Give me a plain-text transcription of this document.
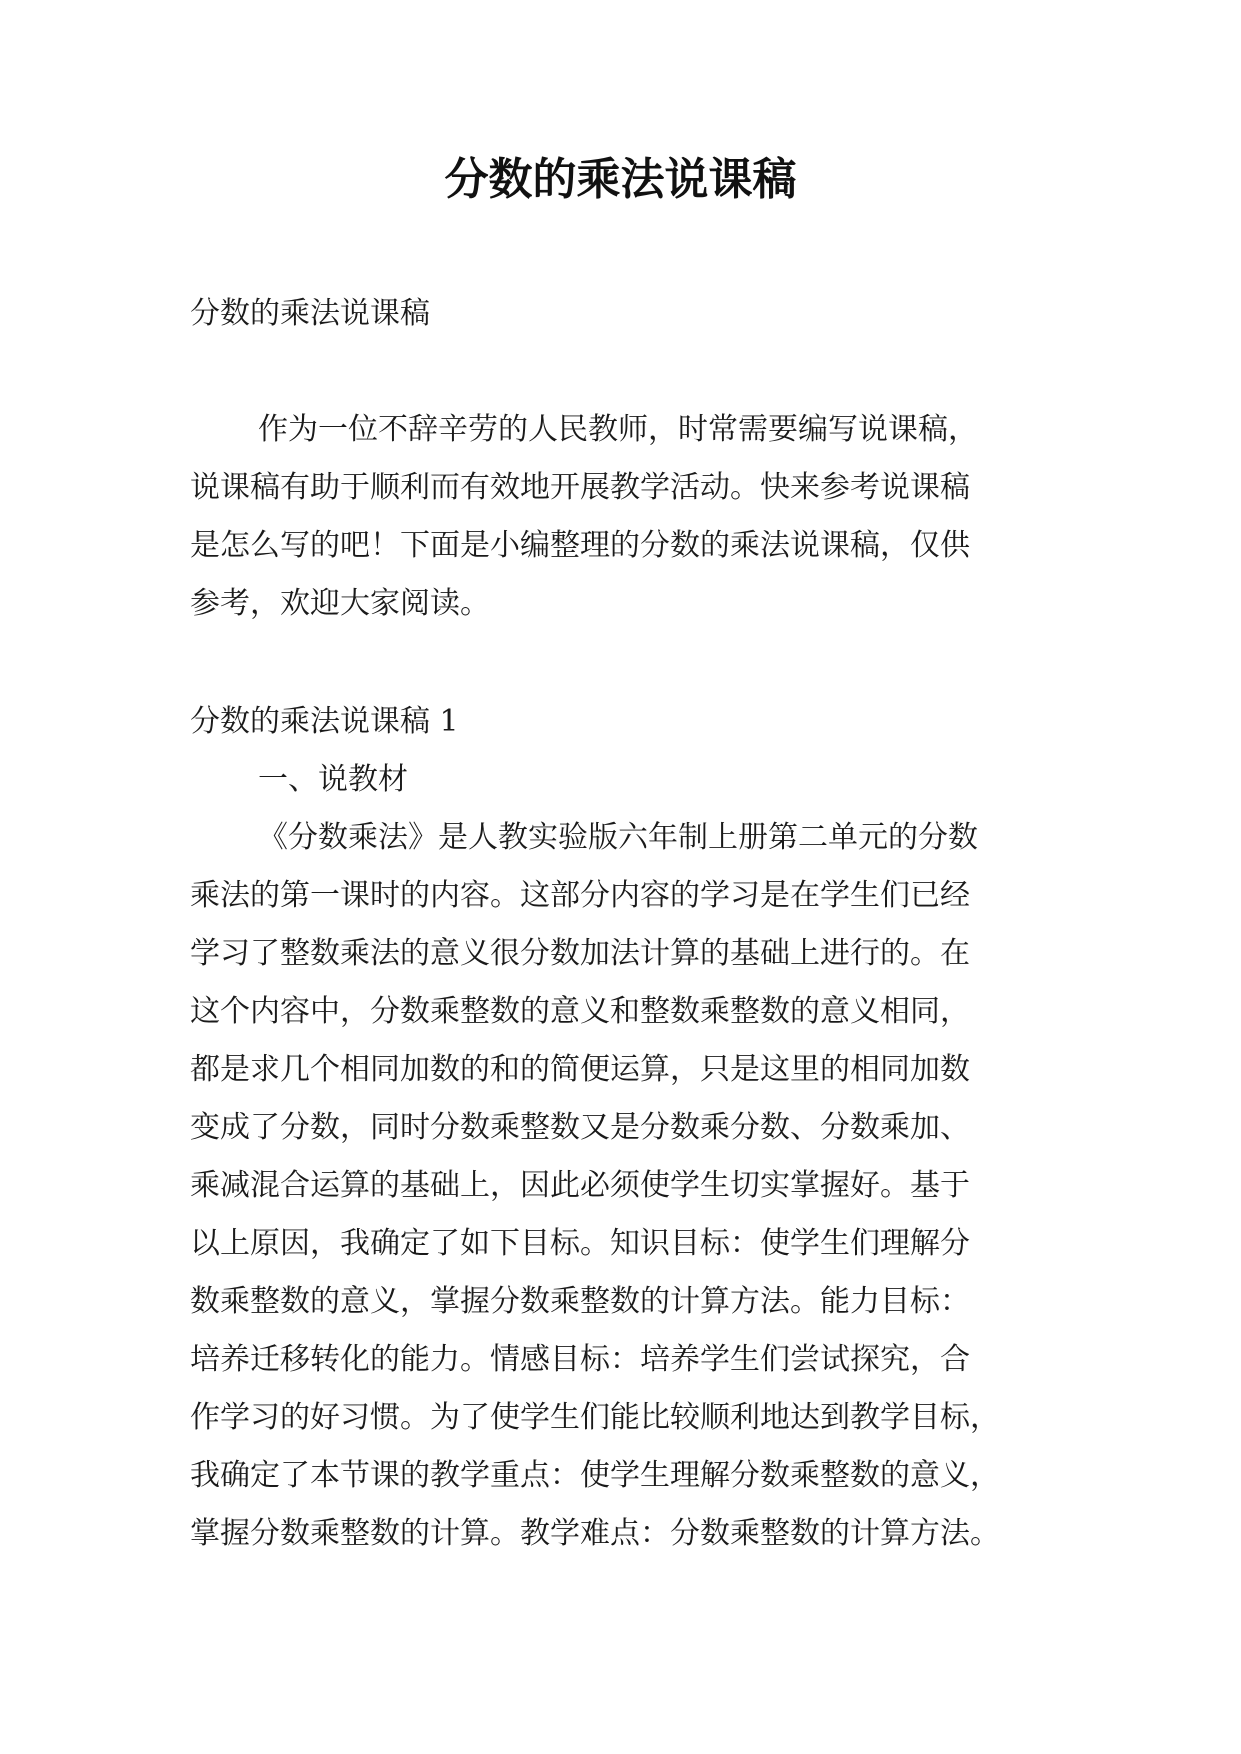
分数的乘法说课稿

分数的乘法说课稿

作为一位不辞辛劳的人民教师，时常需要编写说课稿，

说课稿有助于顺利而有效地开展教学活动。快来参考说课稿

是怎么写的吧！下面是小编整理的分数的乘法说课稿，仅供

参考，欢迎大家阅读。

分数的乘法说课稿 1

一、说教材

《分数乘法》是人教实验版六年制上册第二单元的分数

乘法的第一课时的内容。这部分内容的学习是在学生们已经

学习了整数乘法的意义很分数加法计算的基础上进行的。在

这个内容中，分数乘整数的意义和整数乘整数的意义相同，

都是求几个相同加数的和的简便运算，只是这里的相同加数

变成了分数，同时分数乘整数又是分数乘分数、分数乘加、

乘减混合运算的基础上，因此必须使学生切实掌握好。基于

以上原因，我确定了如下目标。知识目标：使学生们理解分

数乘整数的意义，掌握分数乘整数的计算方法。能力目标：

培养迁移转化的能力。情感目标：培养学生们尝试探究，合

作学习的好习惯。为了使学生们能比较顺利地达到教学目标，

我确定了本节课的教学重点：使学生理解分数乘整数的意义，

掌握分数乘整数的计算。教学难点：分数乘整数的计算方法。
